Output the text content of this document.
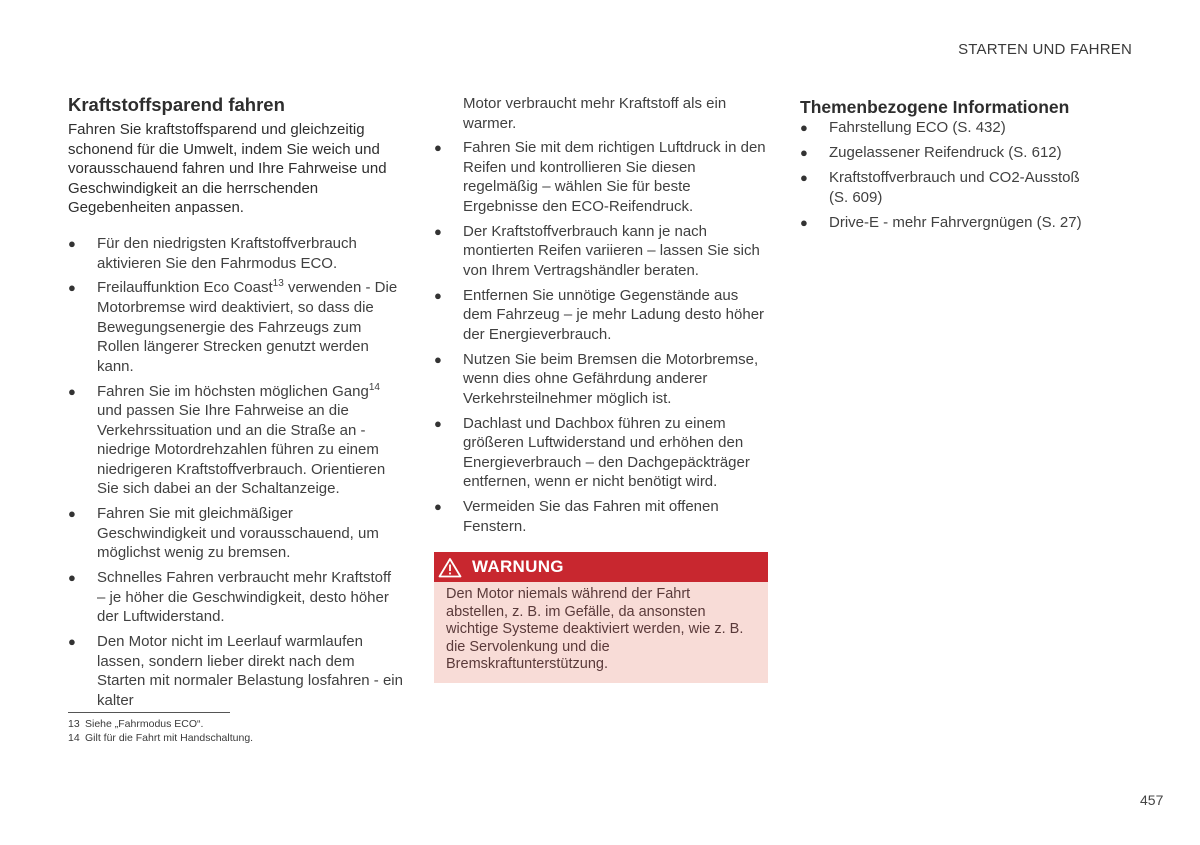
STARTEN UND FAHREN
Kraftstoffsparend fahren

Fahren Sie kraftstoffsparend und gleichzeitig schonend für die Umwelt, indem Sie weich und vorausschauend fahren und Ihre Fahrweise und Geschwindigkeit an die herrschenden Gegebenheiten anpassen.

● Für den niedrigsten Kraftstoffverbrauch aktivieren Sie den Fahrmodus ECO.
● Freilauffunktion Eco Coast$^{13}$ verwenden - Die Motorbremse wird deaktiviert, so dass die Bewegungsenergie des Fahrzeugs zum Rollen längerer Strecken genutzt werden kann.
● Fahren Sie im höchsten möglichen Gang$^{14}$ und passen Sie Ihre Fahrweise an die Verkehrssituation und an die Straße an - niedrige Motordrehzahlen führen zu einem niedrigeren Kraftstoffverbrauch. Orientieren Sie sich dabei an der Schaltanzeige.
● Fahren Sie mit gleichmäßiger Geschwindigkeit und vorausschauend, um möglichst wenig zu bremsen.
● Schnelles Fahren verbraucht mehr Kraftstoff – je höher die Geschwindigkeit, desto höher der Luftwiderstand.
● Den Motor nicht im Leerlauf warmlaufen lassen, sondern lieber direkt nach dem Starten mit normaler Belastung losfahren - ein kalter
Motor verbraucht mehr Kraftstoff als ein warmer.
● Fahren Sie mit dem richtigen Luftdruck in den Reifen und kontrollieren Sie diesen regelmäßig – wählen Sie für beste Ergebnisse den ECO-Reifendruck.
● Der Kraftstoffverbrauch kann je nach montierten Reifen variieren – lassen Sie sich von Ihrem Vertragshändler beraten.
● Entfernen Sie unnötige Gegenstände aus dem Fahrzeug – je mehr Ladung desto höher der Energieverbrauch.
● Nutzen Sie beim Bremsen die Motorbremse, wenn dies ohne Gefährdung anderer Verkehrsteilnehmer möglich ist.
● Dachlast und Dachbox führen zu einem größeren Luftwiderstand und erhöhen den Energieverbrauch – den Dachgepäckträger entfernen, wenn er nicht benötigt wird.
● Vermeiden Sie das Fahren mit offenen Fenstern.
WARNUNG
Den Motor niemals während der Fahrt abstellen, z. B. im Gefälle, da ansonsten wichtige Systeme deaktiviert werden, wie z. B. die Servolenkung und die Bremskraftunterstützung.
Themenbezogene Informationen
● Fahrstellung ECO (S. 432)
● Zugelassener Reifendruck (S. 612)
● Kraftstoffverbrauch und CO2-Ausstoß (S. 609)
● Drive-E - mehr Fahrvergnügen (S. 27)
13 Siehe „Fahrmodus ECO“.
14 Gilt für die Fahrt mit Handschaltung.
457
